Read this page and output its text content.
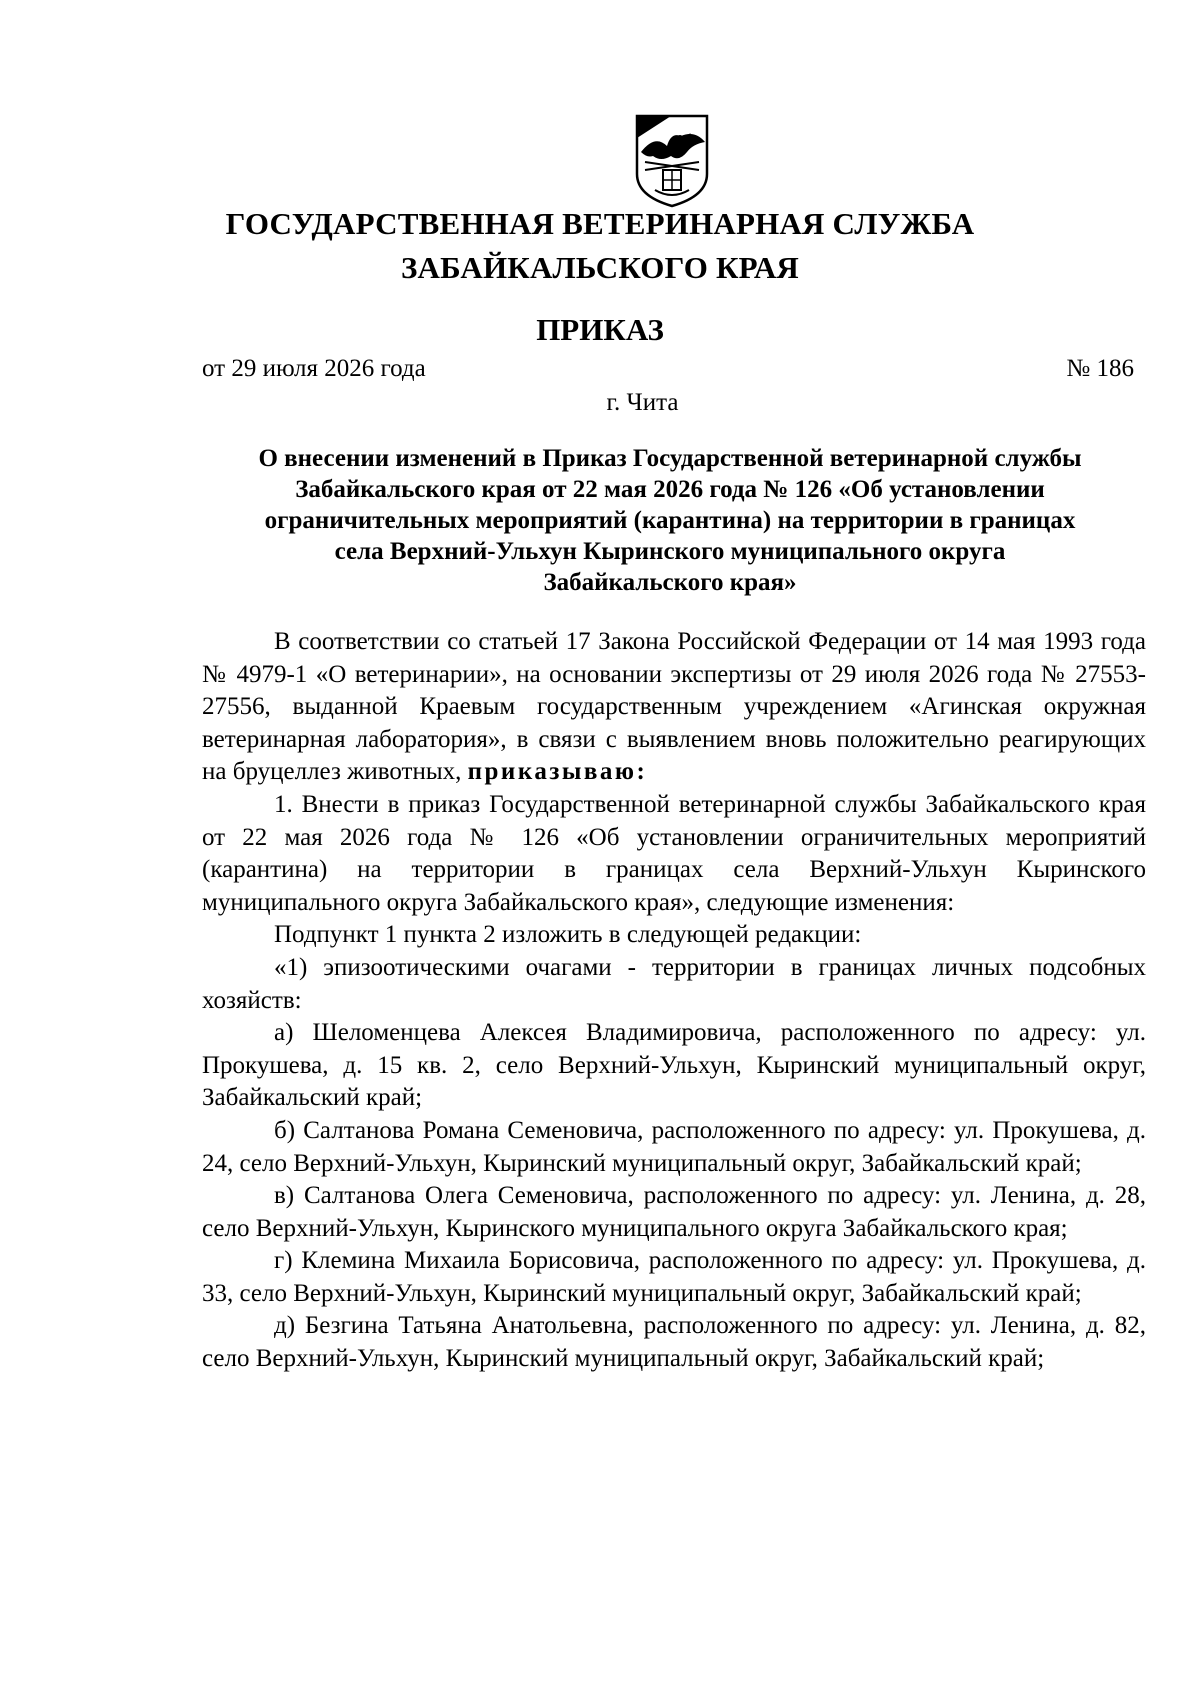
ГОСУДАРСТВЕННАЯ ВЕТЕРИНАРНАЯ СЛУЖБА
ЗАБАЙКАЛЬСКОГО КРАЯ
ПРИКАЗ
от 29 июля 2026 года	№ 186
г. Чита
О внесении изменений в Приказ Государственной ветеринарной службы
Забайкальского края от 22 мая 2026 года № 126 «Об установлении
ограничительных мероприятий (карантина) на территории в границах
села Верхний-Ульхун Кыринского муниципального округа
Забайкальского края»

В соответствии со статьей 17 Закона Российской Федерации от 14 мая 1993 года № 4979-1 «О ветеринарии», на основании экспертизы от 29 июля 2026 года № 27553-27556, выданной Краевым государственным учреждением «Агинская окружная ветеринарная лаборатория», в связи с выявлением вновь положительно реагирующих на бруцеллез животных, приказываю:

1. Внести в приказ Государственной ветеринарной службы Забайкальского края от 22 мая 2026 года № 126 «Об установлении ограничительных мероприятий (карантина) на территории в границах села Верхний-Ульхун Кыринского муниципального округа Забайкальского края», следующие изменения:

Подпункт 1 пункта 2 изложить в следующей редакции:

«1) эпизоотическими очагами - территории в границах личных подсобных хозяйств:

а) Шеломенцева Алексея Владимировича, расположенного по адресу: ул. Прокушева, д. 15 кв. 2, село Верхний-Ульхун, Кыринский муниципальный округ, Забайкальский край;

б) Салтанова Романа Семеновича, расположенного по адресу: ул. Прокушева, д. 24, село Верхний-Ульхун, Кыринский муниципальный округ, Забайкальский край;

в) Салтанова Олега Семеновича, расположенного по адресу: ул. Ленина, д. 28, село Верхний-Ульхун, Кыринского муниципального округа Забайкальского края;

г) Клемина Михаила Борисовича, расположенного по адресу: ул. Прокушева, д. 33, село Верхний-Ульхун, Кыринский муниципальный округ, Забайкальский край;

д) Безгина Татьяна Анатольевна, расположенного по адресу: ул. Ленина, д. 82, село Верхний-Ульхун, Кыринский муниципальный округ, Забайкальский край;
